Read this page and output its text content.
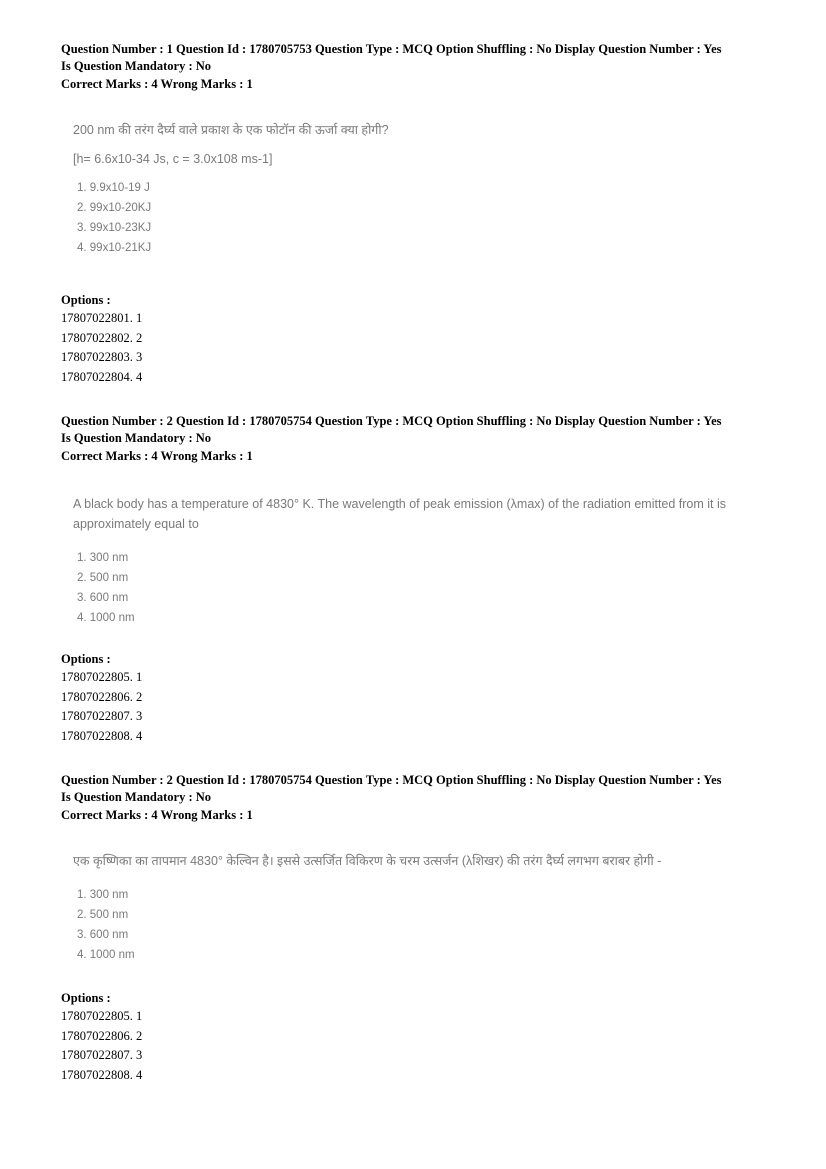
Question Number : 1 Question Id : 1780705753 Question Type : MCQ Option Shuffling : No Display Question Number : Yes
Is Question Mandatory : No
Correct Marks : 4 Wrong Marks : 1
200 nm की तरंग दैर्घ्य वाले प्रकाश के एक फोटॉन की ऊर्जा क्या होगी?
[h= 6.6x10-34 Js, c = 3.0x108 ms-1]
1. 9.9x10-19 J
2. 99x10-20KJ
3. 99x10-23KJ
4. 99x10-21KJ
Options :
17807022801. 1
17807022802. 2
17807022803. 3
17807022804. 4
Question Number : 2 Question Id : 1780705754 Question Type : MCQ Option Shuffling : No Display Question Number : Yes
Is Question Mandatory : No
Correct Marks : 4 Wrong Marks : 1
A black body has a temperature of 4830° K. The wavelength of peak emission (λmax) of the radiation emitted from it is approximately equal to
1. 300 nm
2. 500 nm
3. 600 nm
4. 1000 nm
Options :
17807022805. 1
17807022806. 2
17807022807. 3
17807022808. 4
Question Number : 2 Question Id : 1780705754 Question Type : MCQ Option Shuffling : No Display Question Number : Yes
Is Question Mandatory : No
Correct Marks : 4 Wrong Marks : 1
एक कृष्णिका का तापमान 4830° केल्विन है। इससे उत्सर्जित विकिरण के चरम उत्सर्जन (λशिखर) की तरंग दैर्घ्य लगभग बराबर होगी -
1. 300 nm
2. 500 nm
3. 600 nm
4. 1000 nm
Options :
17807022805. 1
17807022806. 2
17807022807. 3
17807022808. 4
